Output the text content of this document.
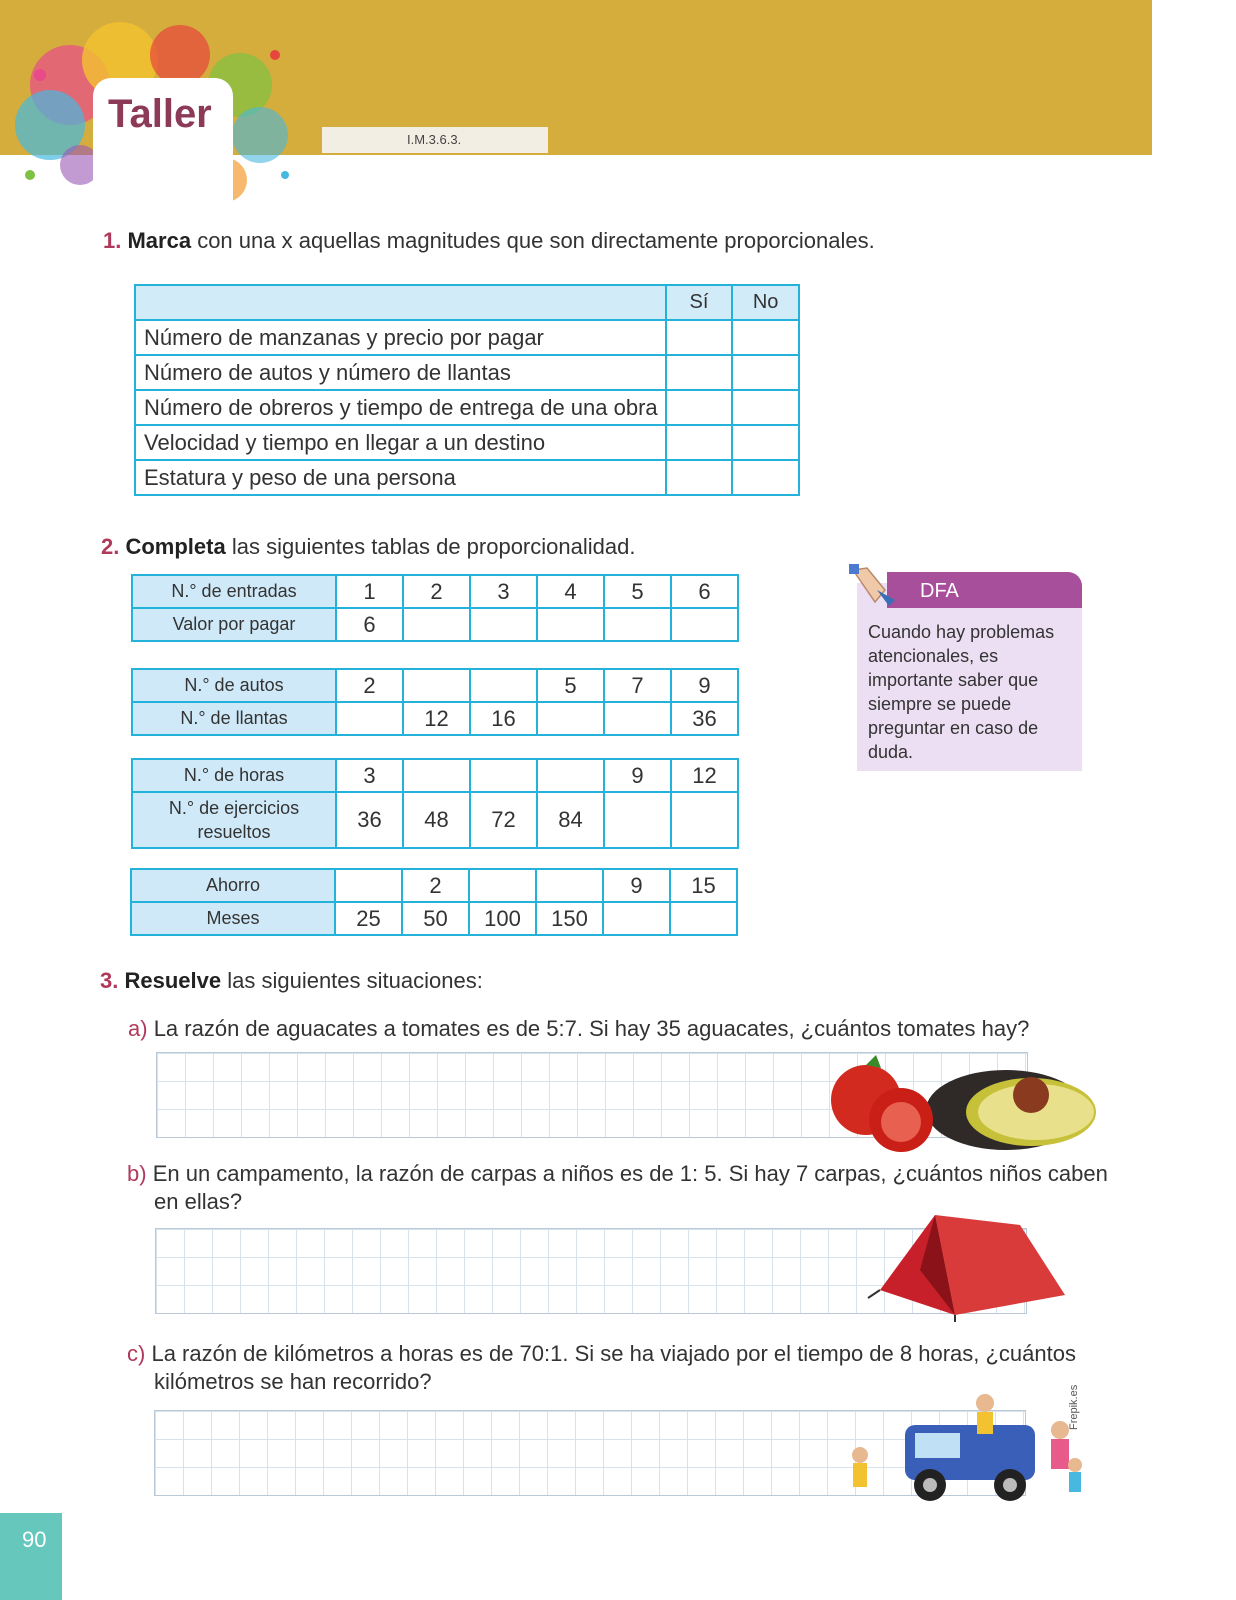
Taller
I.M.3.6.3.
1. Marca con una x aquellas magnitudes que son directamente proporcionales.
	Sí	No
Número de manzanas y precio por pagar		
Número de autos y número de llantas		
Número de obreros y tiempo de entrega de una obra		
Velocidad y tiempo en llegar a un destino		
Estatura y peso de una persona		
2. Completa las siguientes tablas de proporcionalidad.
N.° de entradas	1	2	3	4	5	6
Valor por pagar	6					
N.° de autos	2			5	7	9
N.° de llantas		12	16			36
N.° de horas	3				9	12

N.° de ejercicios
resueltos	36	48	72	84		
Ahorro		2			9	15
Meses	25	50	100	150		
DFA
Cuando hay problemas
atencionales, es
importante saber que
siempre se puede
preguntar en caso de
duda.
3. Resuelve las siguientes situaciones:
a) La razón de aguacates a tomates es de 5:7. Si hay 35 aguacates, ¿cuántos tomates hay?
b) En un campamento, la razón de carpas a niños es de 1: 5. Si hay 7 carpas, ¿cuántos niños caben
en ellas?
c) La razón de kilómetros a horas es de 70:1. Si se ha viajado por el tiempo de 8 horas, ¿cuántos
kilómetros se han recorrido?
Frepik.es
90
